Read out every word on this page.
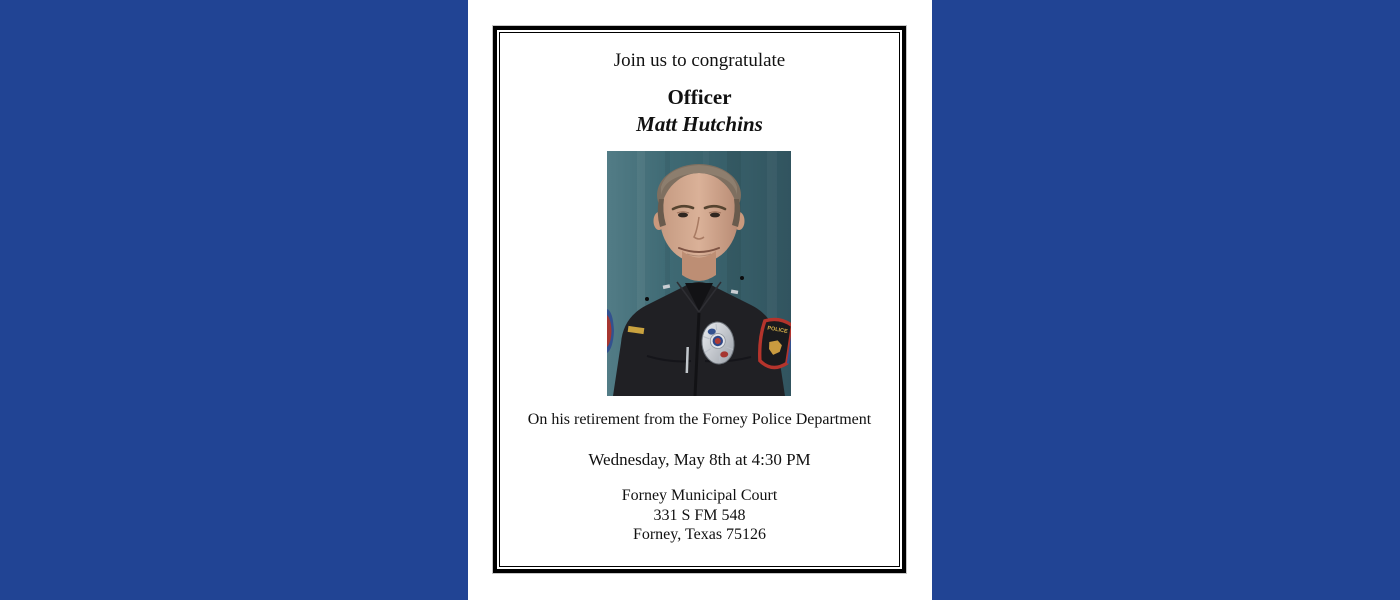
Join us to congratulate

Officer

Matt Hutchins

POLICE

On his retirement from the Forney Police Department

Wednesday, May 8th at 4:30 PM

Forney Municipal Court

331 S FM 548

Forney, Texas 75126
